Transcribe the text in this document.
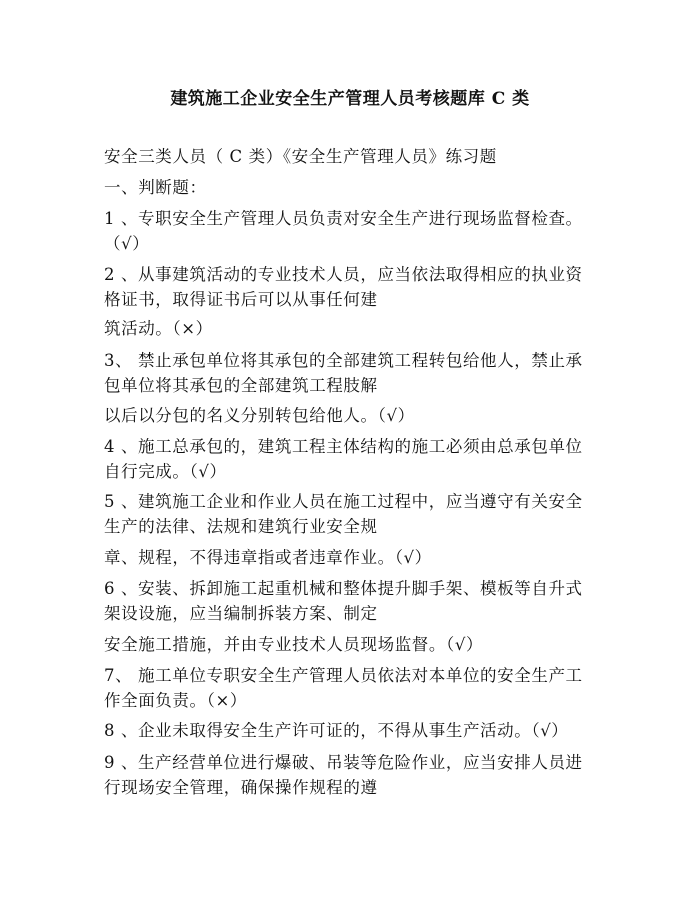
建筑施工企业安全生产管理人员考核题库 C 类
安全三类人员（ C 类）《安全生产管理人员》练习题
一、判断题：
1 、专职安全生产管理人员负责对安全生产进行现场监督检查。
（√）
2 、从事建筑活动的专业技术人员，应当依法取得相应的执业资
格证书，取得证书后可以从事任何建
筑活动。（×）
3、 禁止承包单位将其承包的全部建筑工程转包给他人，禁止承
包单位将其承包的全部建筑工程肢解
以后以分包的名义分别转包给他人。（√）
4 、施工总承包的，建筑工程主体结构的施工必须由总承包单位
自行完成。（√）
5 、建筑施工企业和作业人员在施工过程中，应当遵守有关安全
生产的法律、法规和建筑行业安全规
章、规程，不得违章指或者违章作业。（√）
6 、安装、拆卸施工起重机械和整体提升脚手架、模板等自升式
架设设施，应当编制拆装方案、制定
安全施工措施，并由专业技术人员现场监督。（√）
7、 施工单位专职安全生产管理人员依法对本单位的安全生产工
作全面负责。（×）
8 、企业未取得安全生产许可证的，不得从事生产活动。（√）
9 、生产经营单位进行爆破、吊装等危险作业，应当安排人员进
行现场安全管理，确保操作规程的遵
